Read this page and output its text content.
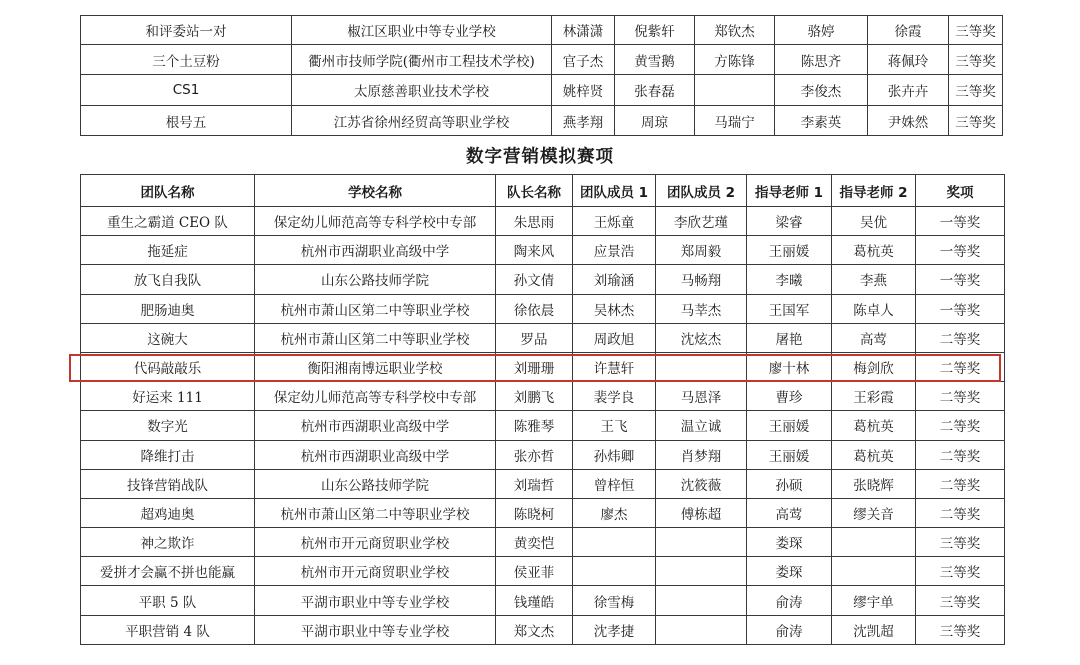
和评委站一对	椒江区职业中等专业学校	林潇潇	倪紫轩	郑钦杰	骆婷	徐霞	三等奖
三个土豆粉	衢州市技师学院(衢州市工程技术学校)	官子杰	黄雪鹅	方陈锋	陈思齐	蒋佩玲	三等奖
CS1	太原慈善职业技术学校	姚梓贤	张春磊		李俊杰	张卉卉	三等奖
根号五	江苏省徐州经贸高等职业学校	燕孝翔	周琼	马瑞宁	李素英	尹姝然	三等奖
数字营销模拟赛项
团队名称	学校名称	队长名称	团队成员 1	团队成员 2	指导老师 1	指导老师 2	奖项
重生之霸道 CEO 队	保定幼儿师范高等专科学校中专部	朱思雨	王烁童	李欣艺瑾	梁睿	吴优	一等奖
拖延症	杭州市西湖职业高级中学	陶来风	应景浩	郑周毅	王丽媛	葛杭英	一等奖
放飞自我队	山东公路技师学院	孙文倩	刘瑜涵	马畅翔	李曦	李燕	一等奖
肥肠迪奥	杭州市萧山区第二中等职业学校	徐依晨	吴林杰	马莘杰	王国军	陈卓人	一等奖
这碗大	杭州市萧山区第二中等职业学校	罗品	周政旭	沈炫杰	屠艳	高莺	二等奖
代码敲敲乐	衡阳湘南博远职业学校	刘珊珊	许慧轩		廖十林	梅剑欣	二等奖
好运来 111	保定幼儿师范高等专科学校中专部	刘鹏飞	裴学良	马恩泽	曹珍	王彩霞	二等奖
数字光	杭州市西湖职业高级中学	陈雅琴	王飞	温立诚	王丽媛	葛杭英	二等奖
降维打击	杭州市西湖职业高级中学	张亦哲	孙炜卿	肖梦翔	王丽媛	葛杭英	二等奖
技锋营销战队	山东公路技师学院	刘瑞哲	曾梓恒	沈筱薇	孙硕	张晓辉	二等奖
超鸡迪奥	杭州市萧山区第二中等职业学校	陈晓柯	廖杰	傅栋超	高莺	缪关音	二等奖
神之欺诈	杭州市开元商贸职业学校	黄奕恺			娄琛		三等奖
爱拼才会赢不拼也能赢	杭州市开元商贸职业学校	侯亚菲			娄琛		三等奖
平职 5 队	平湖市职业中等专业学校	钱瑾皓	徐雪梅		俞涛	缪宇单	三等奖
平职营销 4 队	平湖市职业中等专业学校	郑文杰	沈孝捷		俞涛	沈凯超	三等奖
